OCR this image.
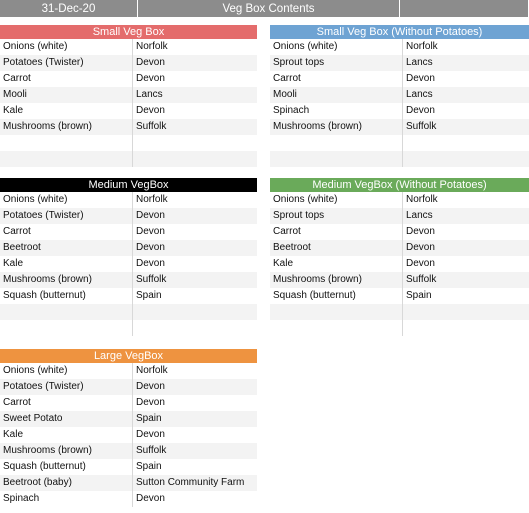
31-Dec-20	Veg Box Contents
Small Veg Box
Onions (white)	Norfolk
Potatoes (Twister)	Devon
Carrot	Devon
Mooli	Lancs
Kale	Devon
Mushrooms (brown)	Suffolk
Small Veg Box (Without Potatoes)
Onions (white)	Norfolk
Sprout tops	Lancs
Carrot	Devon
Mooli	Lancs
Spinach	Devon
Mushrooms (brown)	Suffolk
Medium VegBox
Onions (white)	Norfolk
Potatoes (Twister)	Devon
Carrot	Devon
Beetroot	Devon
Kale	Devon
Mushrooms (brown)	Suffolk
Squash (butternut)	Spain
Medium VegBox (Without Potatoes)
Onions (white)	Norfolk
Sprout tops	Lancs
Carrot	Devon
Beetroot	Devon
Kale	Devon
Mushrooms (brown)	Suffolk
Squash (butternut)	Spain
Large VegBox
Onions (white)	Norfolk
Potatoes (Twister)	Devon
Carrot	Devon
Sweet Potato	Spain
Kale	Devon
Mushrooms (brown)	Suffolk
Squash (butternut)	Spain
Beetroot (baby)	Sutton Community Farm
Spinach	Devon
